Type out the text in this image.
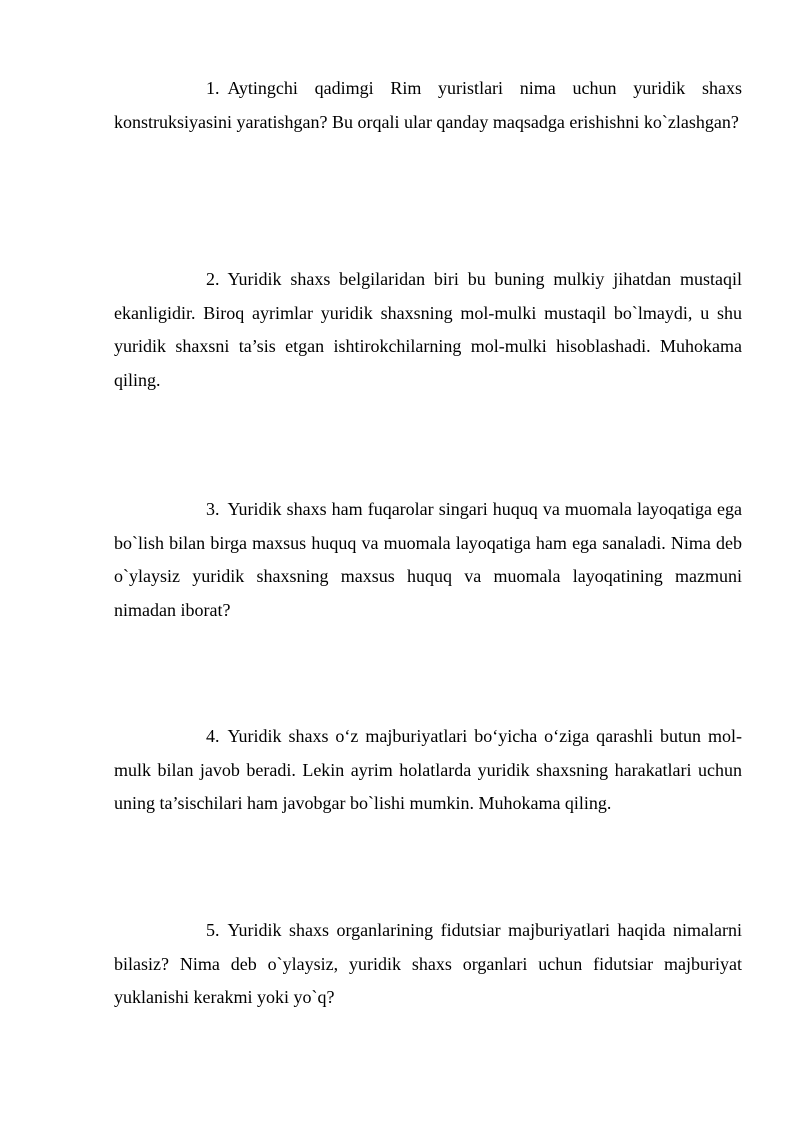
1. Aytingchi qadimgi Rim yuristlari nima uchun yuridik shaxs konstruksiyasini yaratishgan? Bu orqali ular qanday maqsadga erishishni ko`zlashgan?

2. Yuridik shaxs belgilaridan biri bu buning mulkiy jihatdan mustaqil ekanligidir. Biroq ayrimlar yuridik shaxsning mol-mulki mustaqil bo`lmaydi, u shu yuridik shaxsni ta’sis etgan ishtirokchilarning mol-mulki hisoblashadi. Muhokama qiling.

3. Yuridik shaxs ham fuqarolar singari huquq va muomala layoqatiga ega bo`lish bilan birga maxsus huquq va muomala layoqatiga ham ega sanaladi. Nima deb o`ylaysiz yuridik shaxsning maxsus huquq va muomala layoqatining mazmuni nimadan iborat?

4. Yuridik shaxs o‘z majburiyatlari bo‘yicha o‘ziga qarashli butun mol-mulk bilan javob beradi. Lekin ayrim holatlarda yuridik shaxsning harakatlari uchun uning ta’sischilari ham javobgar bo`lishi mumkin. Muhokama qiling.

5. Yuridik shaxs organlarining fidutsiar majburiyatlari haqida nimalarni bilasiz? Nima deb o`ylaysiz, yuridik shaxs organlari uchun fidutsiar majburiyat yuklanishi kerakmi yoki yo`q?
